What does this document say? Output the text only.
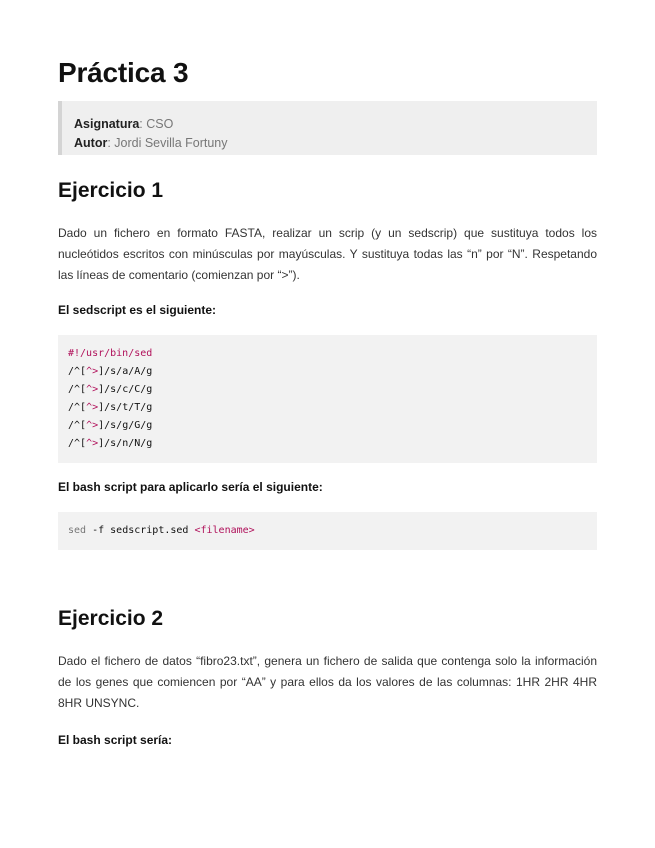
Práctica 3
Asignatura: CSO
Autor: Jordi Sevilla Fortuny
Ejercicio 1

Dado un fichero en formato FASTA, realizar un scrip (y un sedscrip) que sustituya todos los nucleótidos escritos con minúsculas por mayúsculas. Y sustituya todas las “n” por “N”. Respetando las líneas de comentario (comienzan por “>”).

El sedscript es el siguiente:

#!/usr/bin/sed
/^[^>]/s/a/A/g
/^[^>]/s/c/C/g
/^[^>]/s/t/T/g
/^[^>]/s/g/G/g
/^[^>]/s/n/N/g

El bash script para aplicarlo sería el siguiente:

sed -f sedscript.sed <filename>
Ejercicio 2

Dado el fichero de datos “fibro23.txt”, genera un fichero de salida que contenga solo la información de los genes que comiencen por “AA” y para ellos da los valores de las columnas: 1HR 2HR 4HR 8HR UNSYNC.

El bash script sería:
